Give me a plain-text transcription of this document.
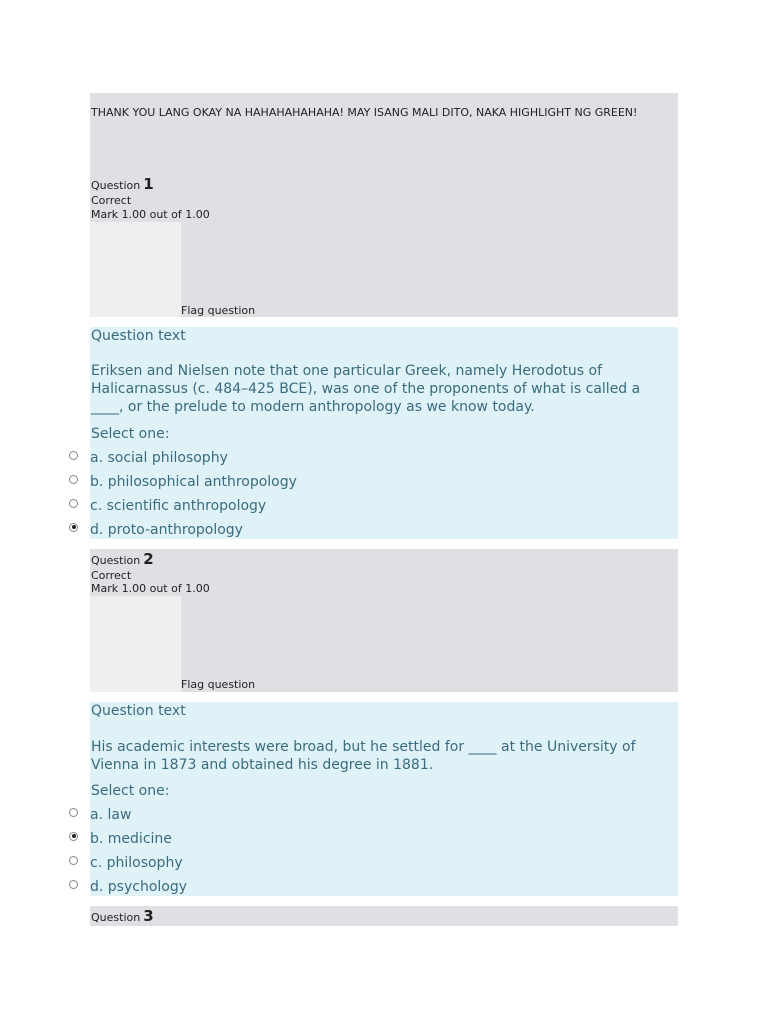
THANK YOU LANG OKAY NA HAHAHAHAHAHA! MAY ISANG MALI DITO, NAKA HIGHLIGHT NG GREEN!
Question 1
Correct
Mark 1.00 out of 1.00
Flag question
Question text
Eriksen and Nielsen note that one particular Greek, namely Herodotus of Halicarnassus (c. 484–425 BCE), was one of the proponents of what is called a ____, or the prelude to modern anthropology as we know today.
Select one:
a. social philosophy
b. philosophical anthropology
c. scientific anthropology
d. proto-anthropology
Question 2
Correct
Mark 1.00 out of 1.00
Flag question
Question text
His academic interests were broad, but he settled for ____ at the University of Vienna in 1873 and obtained his degree in 1881.
Select one:
a. law
b. medicine
c. philosophy
d. psychology
Question 3
